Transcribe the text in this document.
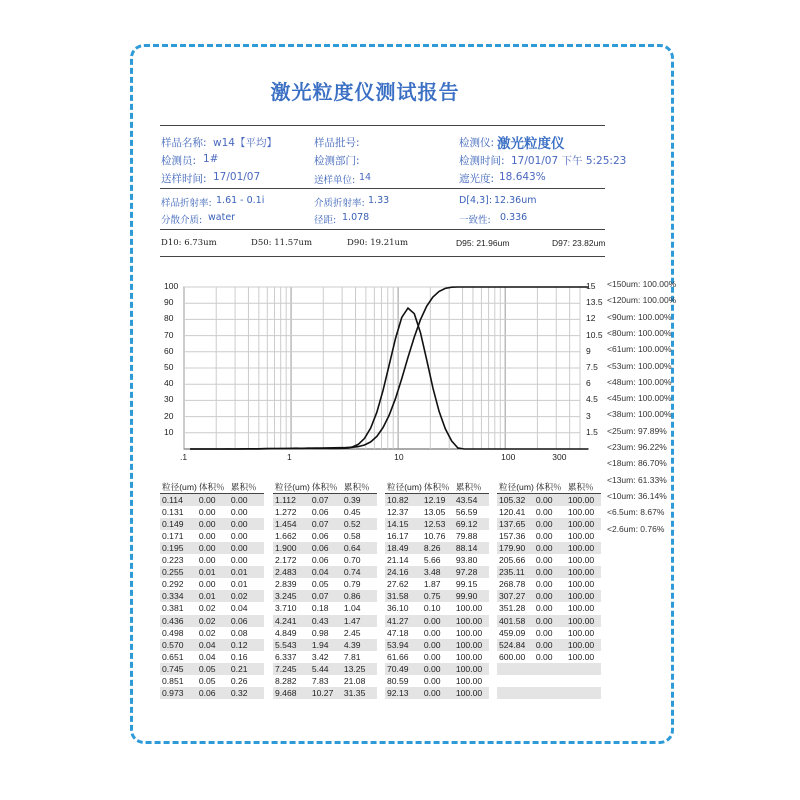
激光粒度仪测试报告
样品名称: w14【平均】	样品批号:	检测仪: 激光粒度仪
检测员: 1#	检测部门:	检测时间: 17/01/07 下午 5:25:23
送样时间: 17/01/07	送样单位: 14	遮光度: 18.643%
样品折射率: 1.61 - 0.1i	介质折射率: 1.33	D[4,3]: 12.36um
分散介质: water	径距: 1.078	一致性: 0.336
D10: 6.73um	D50: 11.57um	D90: 19.21um	D95: 21.96um	D97: 23.82um
100
90
80
70
60
50
40
30
20
10
15
13.5
12
10.5
9
7.5
6
4.5
3
1.5
.1	1	10	100	300
<150um: 100.00%
<120um: 100.00%
<90um: 100.00%
<80um: 100.00%
<61um: 100.00%
<53um: 100.00%
<48um: 100.00%
<45um: 100.00%
<38um: 100.00%
<25um: 97.89%
<23um: 96.22%
<18um: 86.70%
<13um: 61.33%
<10um: 36.14%
<6.5um: 8.67%
<2.6um: 0.76%
粒径(um)	体积％	累积％
0.114	0.00	0.00
0.131	0.00	0.00
0.149	0.00	0.00
0.171	0.00	0.00
0.195	0.00	0.00
0.223	0.00	0.00
0.255	0.01	0.01
0.292	0.00	0.01
0.334	0.01	0.02
0.381	0.02	0.04
0.436	0.02	0.06
0.498	0.02	0.08
0.570	0.04	0.12
0.651	0.04	0.16
0.745	0.05	0.21
0.851	0.05	0.26
0.973	0.06	0.32
粒径(um)	体积％	累积％
1.112	0.07	0.39
1.272	0.06	0.45
1.454	0.07	0.52
1.662	0.06	0.58
1.900	0.06	0.64
2.172	0.06	0.70
2.483	0.04	0.74
2.839	0.05	0.79
3.245	0.07	0.86
3.710	0.18	1.04
4.241	0.43	1.47
4.849	0.98	2.45
5.543	1.94	4.39
6.337	3.42	7.81
7.245	5.44	13.25
8.282	7.83	21.08
9.468	10.27	31.35
粒径(um)	体积％	累积％
10.82	12.19	43.54
12.37	13.05	56.59
14.15	12.53	69.12
16.17	10.76	79.88
18.49	8.26	88.14
21.14	5.66	93.80
24.16	3.48	97.28
27.62	1.87	99.15
31.58	0.75	99.90
36.10	0.10	100.00
41.27	0.00	100.00
47.18	0.00	100.00
53.94	0.00	100.00
61.66	0.00	100.00
70.49	0.00	100.00
80.59	0.00	100.00
92.13	0.00	100.00
粒径(um)	体积％	累积％
105.32	0.00	100.00
120.41	0.00	100.00
137.65	0.00	100.00
157.36	0.00	100.00
179.90	0.00	100.00
205.66	0.00	100.00
235.11	0.00	100.00
268.78	0.00	100.00
307.27	0.00	100.00
351.28	0.00	100.00
401.58	0.00	100.00
459.09	0.00	100.00
524.84	0.00	100.00
600.00	0.00	100.00
